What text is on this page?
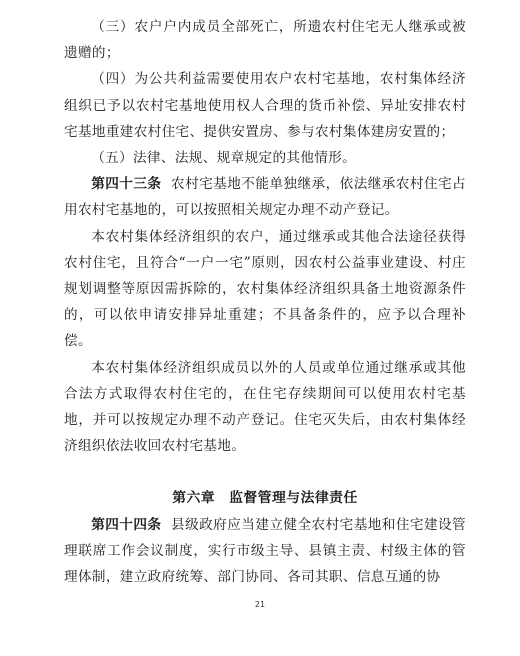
（三）农户户内成员全部死亡，所遗农村住宅无人继承或被遗赠的；

（四）为公共利益需要使用农户农村宅基地，农村集体经济组织已予以农村宅基地使用权人合理的货币补偿、异址安排农村宅基地重建农村住宅、提供安置房、参与农村集体建房安置的；

（五）法律、法规、规章规定的其他情形。

第四十三条 农村宅基地不能单独继承，依法继承农村住宅占用农村宅基地的，可以按照相关规定办理不动产登记。

本农村集体经济组织的农户，通过继承或其他合法途径获得农村住宅，且符合“一户一宅”原则，因农村公益事业建设、村庄规划调整等原因需拆除的，农村集体经济组织具备土地资源条件的，可以依申请安排异址重建；不具备条件的，应予以合理补偿。

本农村集体经济组织成员以外的人员或单位通过继承或其他合法方式取得农村住宅的，在住宅存续期间可以使用农村宅基地，并可以按规定办理不动产登记。住宅灭失后，由农村集体经济组织依法收回农村宅基地。

第六章 监督管理与法律责任

第四十四条 县级政府应当建立健全农村宅基地和住宅建设管理联席工作会议制度，实行市级主导、县镇主责、村级主体的管理体制，建立政府统筹、部门协同、各司其职、信息互通的协

21
